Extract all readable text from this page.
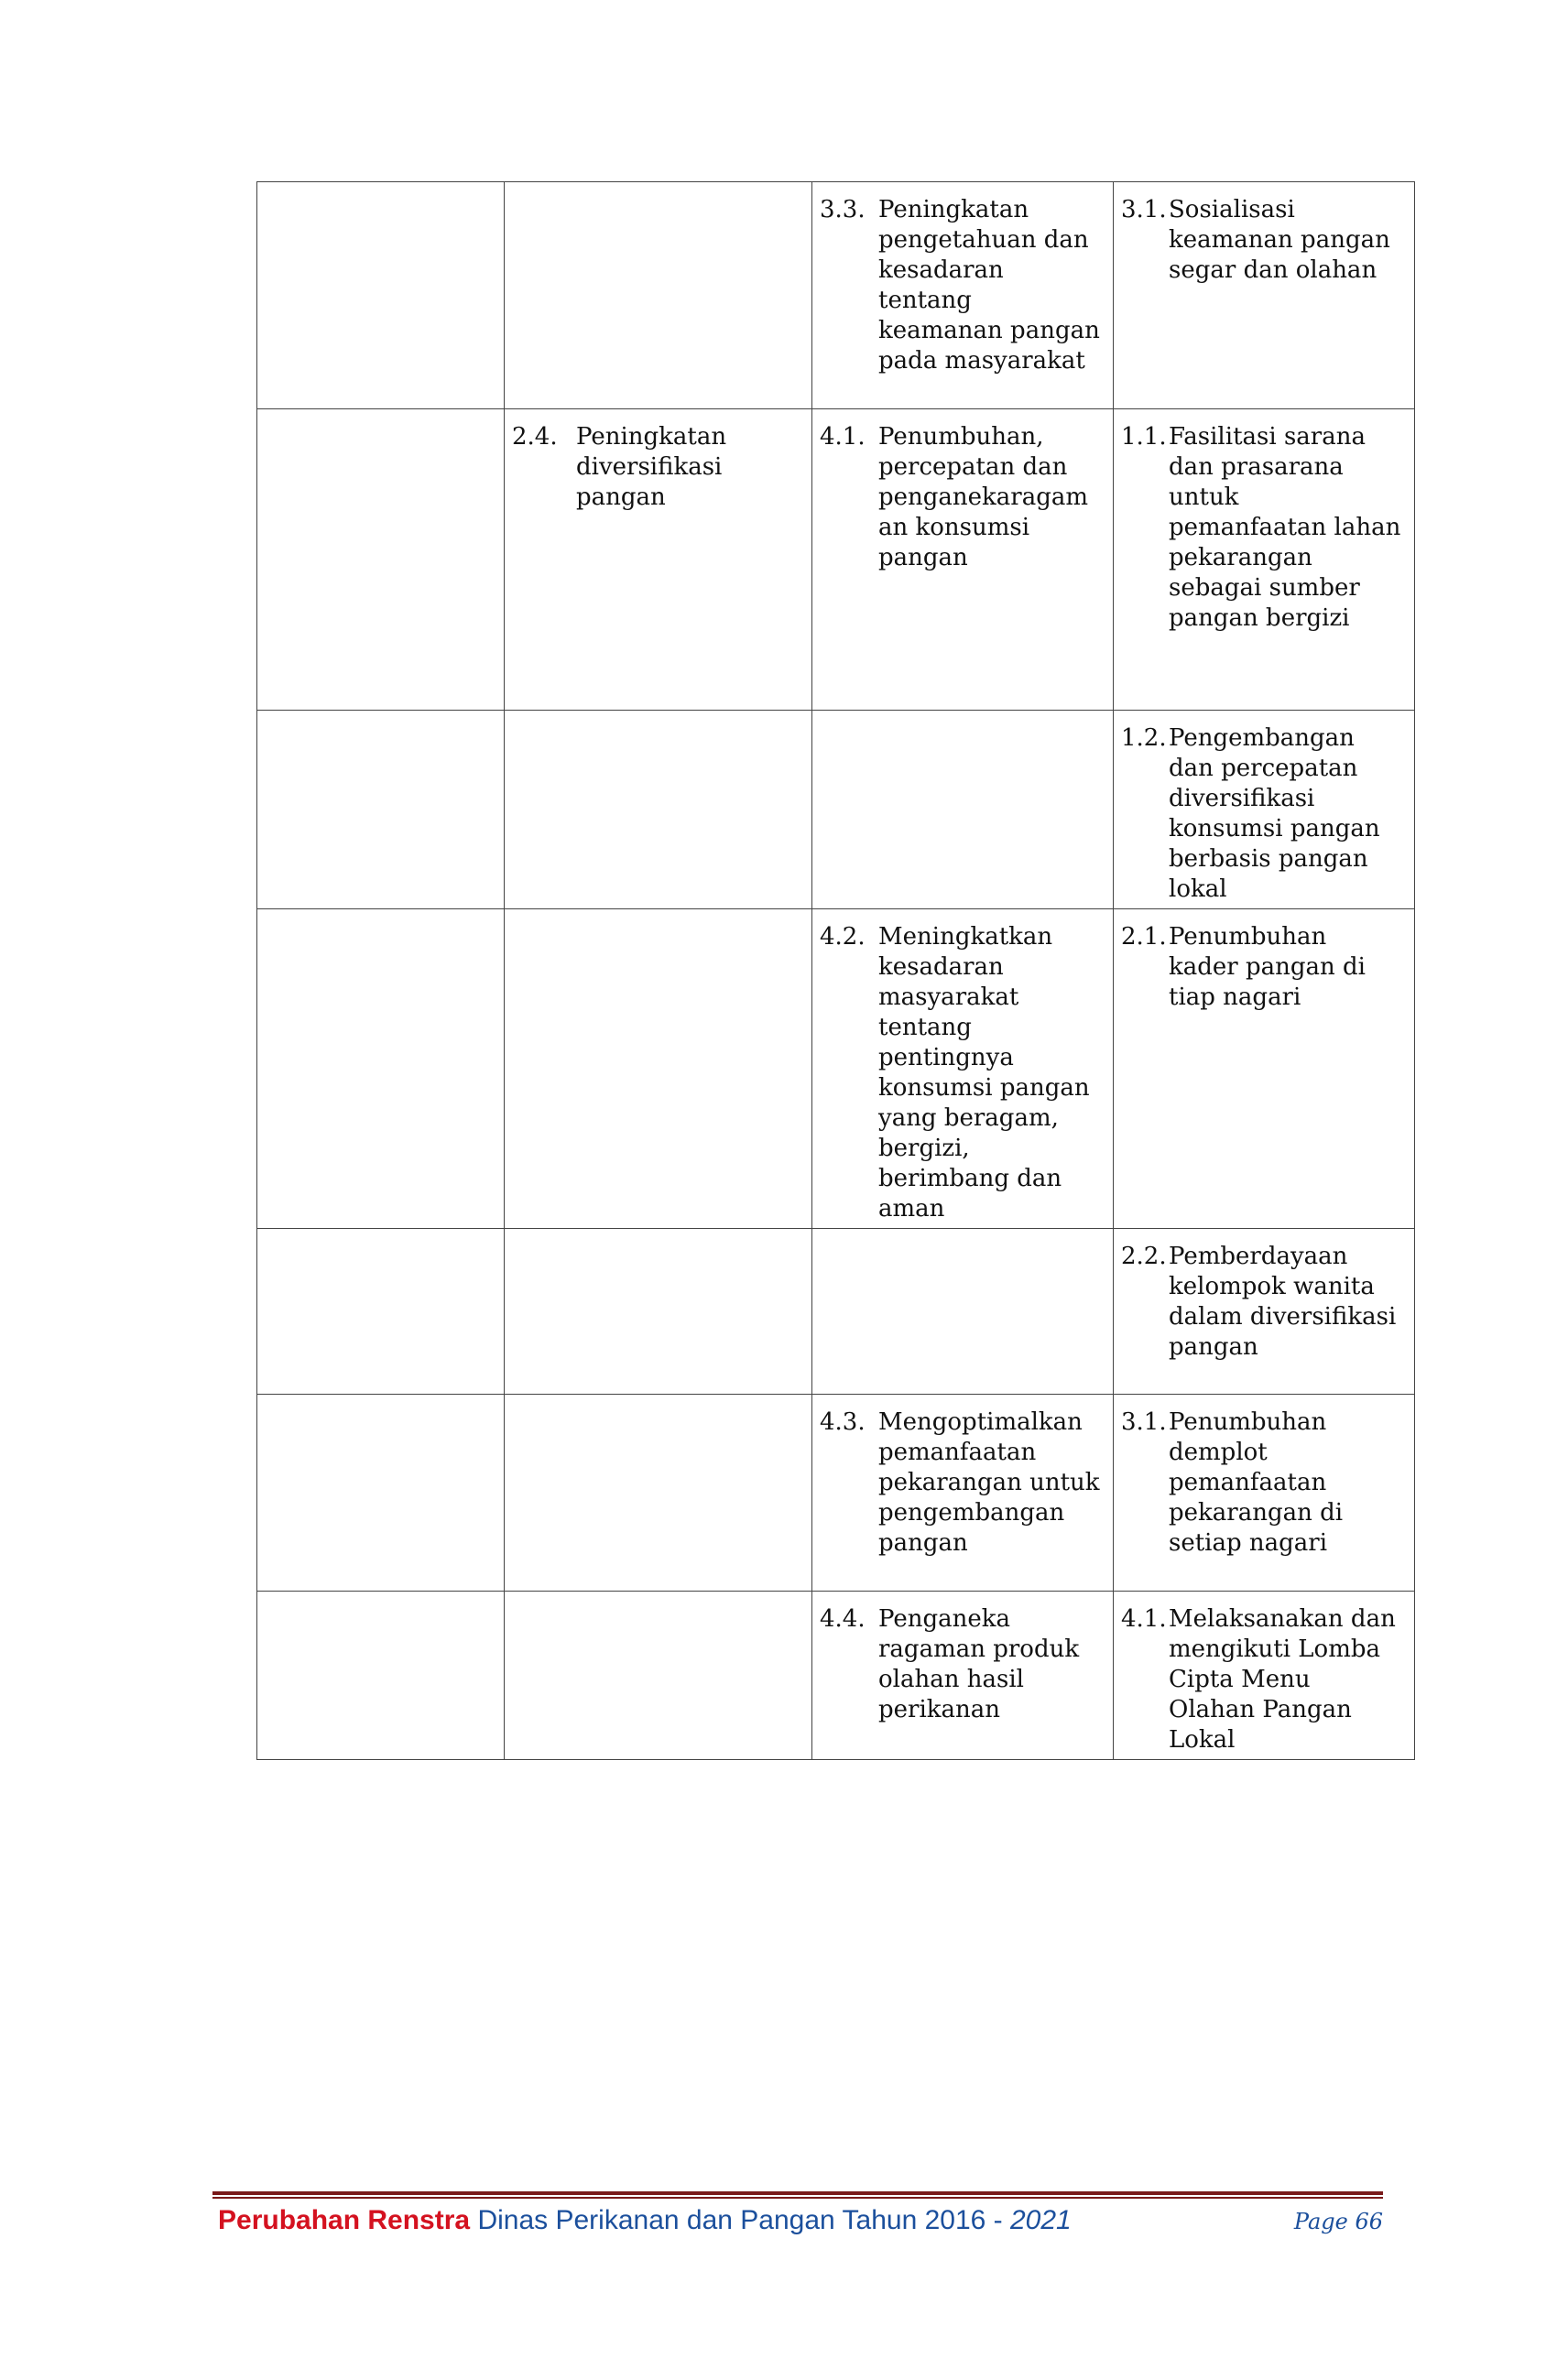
		3.3. Peningkatan pengetahuan dan kesadaran tentang keamanan pangan pada masyarakat	3.1. Sosialisasi keamanan pangan segar dan olahan

	2.4. Peningkatan diversifikasi pangan	4.1. Penumbuhan, percepatan dan penganekaragam an konsumsi pangan	1.1. Fasilitasi sarana dan prasarana untuk pemanfaatan lahan pekarangan sebagai sumber pangan bergizi

			1.2. Pengembangan dan percepatan diversifikasi konsumsi pangan berbasis pangan lokal

		4.2. Meningkatkan kesadaran masyarakat tentang pentingnya konsumsi pangan yang beragam, bergizi, berimbang dan aman	2.1. Penumbuhan kader pangan di tiap nagari

			2.2. Pemberdayaan kelompok wanita dalam diversifikasi pangan

		4.3. Mengoptimalkan pemanfaatan pekarangan untuk pengembangan pangan	3.1. Penumbuhan demplot pemanfaatan pekarangan di setiap nagari

		4.4. Penganeka ragaman produk olahan hasil perikanan	4.1. Melaksanakan dan mengikuti Lomba Cipta Menu Olahan Pangan Lokal
Perubahan Renstra Dinas Perikanan dan Pangan Tahun 2016 - 2021	Page 66
